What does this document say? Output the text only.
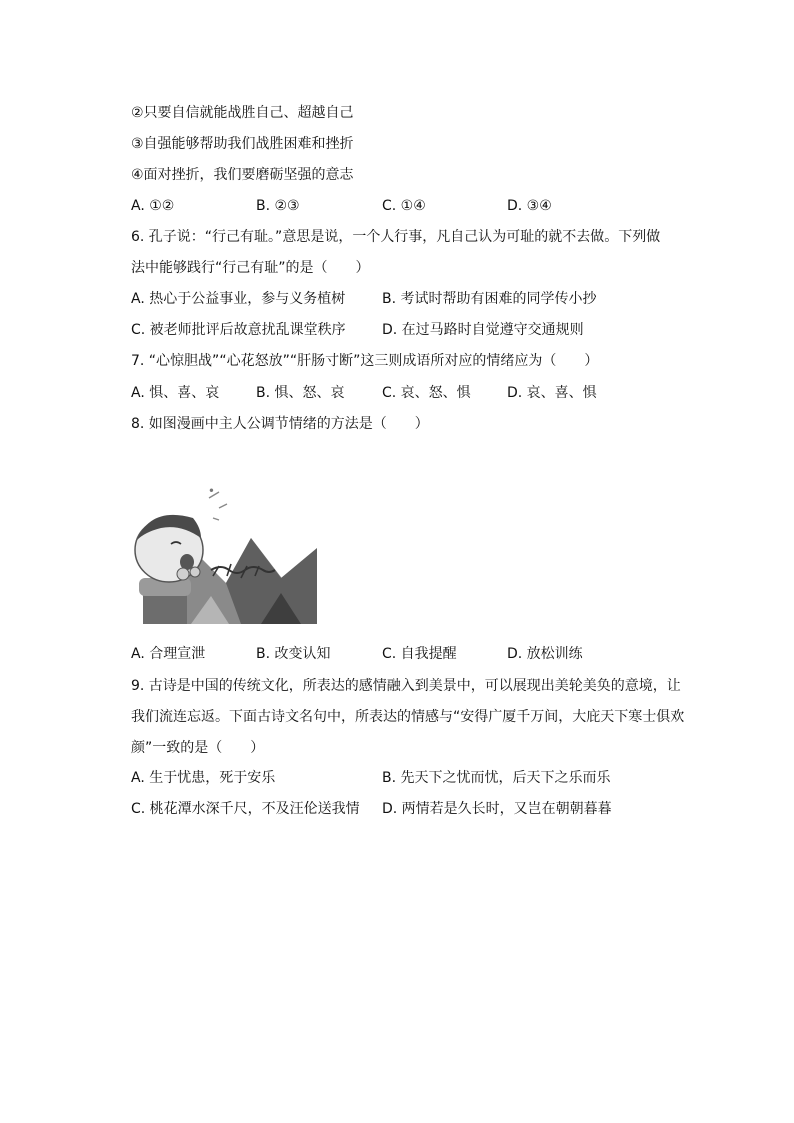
②只要自信就能战胜自己、超越自己
③自强能够帮助我们战胜困难和挫折
④面对挫折，我们要磨砺坚强的意志
A. ①②	B. ②③	C. ①④	D. ③④
6. 孔子说：“行己有耻。”意思是说，一个人行事，凡自己认为可耻的就不去做。下列做
法中能够践行“行己有耻”的是（　　）
A. 热心于公益事业，参与义务植树	B. 考试时帮助有困难的同学传小抄
C. 被老师批评后故意扰乱课堂秩序	D. 在过马路时自觉遵守交通规则
7. “心惊胆战”“心花怒放”“肝肠寸断”这三则成语所对应的情绪应为（　　）
A. 惧、喜、哀	B. 惧、怒、哀	C. 哀、怒、惧	D. 哀、喜、惧
8. 如图漫画中主人公调节情绪的方法是（　　）
ꔷ
A. 合理宣泄	B. 改变认知	C. 自我提醒	D. 放松训练
9. 古诗是中国的传统文化，所表达的感情融入到美景中，可以展现出美轮美奂的意境，让
我们流连忘返。下面古诗文名句中，所表达的情感与“安得广厦千万间，大庇天下寒士俱欢
颜”一致的是（　　）
A. 生于忧患，死于安乐	B. 先天下之忧而忧，后天下之乐而乐
C. 桃花潭水深千尺，不及汪伦送我情 D. 两情若是久长时，又岂在朝朝暮暮
